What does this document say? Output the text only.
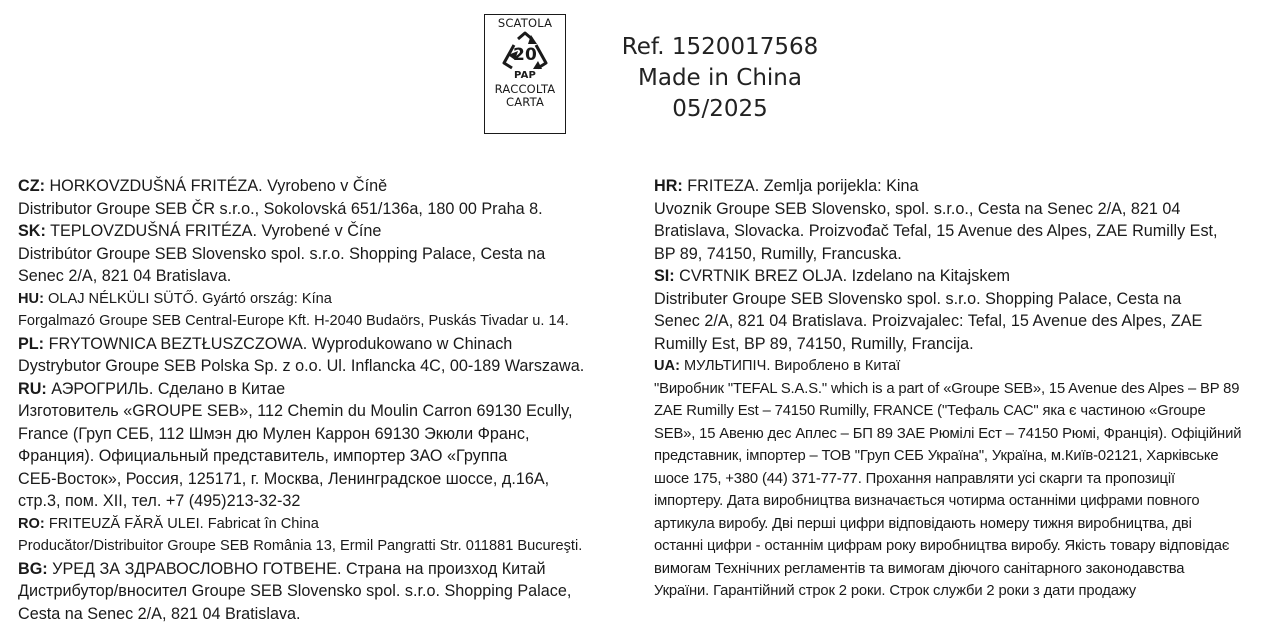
SCATOLA
20
PAP
RACCOLTA
CARTA
Ref. 1520017568
Made in China
05/2025
CZ: HORKOVZDUŠNÁ FRITÉZA. Vyrobeno v Číně
Distributor Groupe SEB ČR s.r.o., Sokolovská 651/136a, 180 00 Praha 8.
SK: TEPLOVZDUŠNÁ FRITÉZA. Vyrobené v Číne
Distribútor Groupe SEB Slovensko spol. s.r.o. Shopping Palace, Cesta na
Senec 2/A, 821 04 Bratislava.
HU: OLAJ NÉLKÜLI SÜTŐ. Gyártó ország: Kína
Forgalmazó Groupe SEB Central-Europe Kft. H-2040 Budaörs, Puskás Tivadar u. 14.
PL: FRYTOWNICA BEZTŁUSZCZOWA. Wyprodukowano w Chinach
Dystrybutor Groupe SEB Polska Sp. z o.o. Ul. Inflancka 4C, 00-189 Warszawa.
RU: АЭРОГРИЛЬ. Сделано в Китае
Изготовитель «GROUPE SEB», 112 Chemin du Moulin Carron 69130 Ecully,
France (Груп СЕБ, 112 Шмэн дю Мулен Каррон 69130 Экюли Франс,
Франция). Официальный представитель, импортер ЗАО «Группа
СЕБ-Восток», Россия, 125171, г. Москва, Ленинградское шоссе, д.16А,
стр.3, пом. XII, тел. +7 (495)213-32-32
RO: FRITEUZĂ FĂRĂ ULEI. Fabricat în China
Producător/Distribuitor Groupe SEB România 13, Ermil Pangratti Str. 011881 Bucureşti.
BG: УРЕД ЗА ЗДРАВОСЛОВНО ГОТВЕНЕ. Страна на произход Китай
Дистрибутор/вносител Groupe SEB Slovensko spol. s.r.o. Shopping Palace,
Cesta na Senec 2/A, 821 04 Bratislava.
HR: FRITEZA. Zemlja porijekla: Kina
Uvoznik Groupe SEB Slovensko, spol. s.r.o., Cesta na Senec 2/A, 821 04
Bratislava, Slovacka. Proizvođač Tefal, 15 Avenue des Alpes, ZAE Rumilly Est,
BP 89, 74150, Rumilly, Francuska.
SI: CVRTNIK BREZ OLJA. Izdelano na Kitajskem
Distributer Groupe SEB Slovensko spol. s.r.o. Shopping Palace, Cesta na
Senec 2/A, 821 04 Bratislava. Proizvajalec: Tefal, 15 Avenue des Alpes, ZAE
Rumilly Est, BP 89, 74150, Rumilly, Francija.
UA: МУЛЬТИПІЧ. Вироблено в Китаї
"Виробник "TEFAL S.A.S." which is a part of «Groupe SEB», 15 Avenue des Alpes – BP 89
ZAE Rumilly Est – 74150 Rumilly, FRANCE ("Тефаль САС" яка є частиною «Groupe
SEB», 15 Авеню дес Аплес – БП 89 ЗАЕ Рюмілі Ест – 74150 Рюмі, Франція). Офіційний
представник, імпортер – ТОВ "Груп СЕБ Україна", Україна, м.Київ-02121, Харківське
шосе 175, +380 (44) 371-77-77. Прохання направляти усі скарги та пропозиції
імпортеру. Дата виробництва визначається чотирма останніми цифрами повного
артикула виробу. Дві перші цифри відповідають номеру тижня виробництва, дві
останні цифри - останнім цифрам року виробництва виробу. Якість товару відповідає
вимогам Технічних регламентів та вимогам діючого санітарного законодавства
України. Гарантійний строк 2 роки. Строк служби 2 роки з дати продажу
